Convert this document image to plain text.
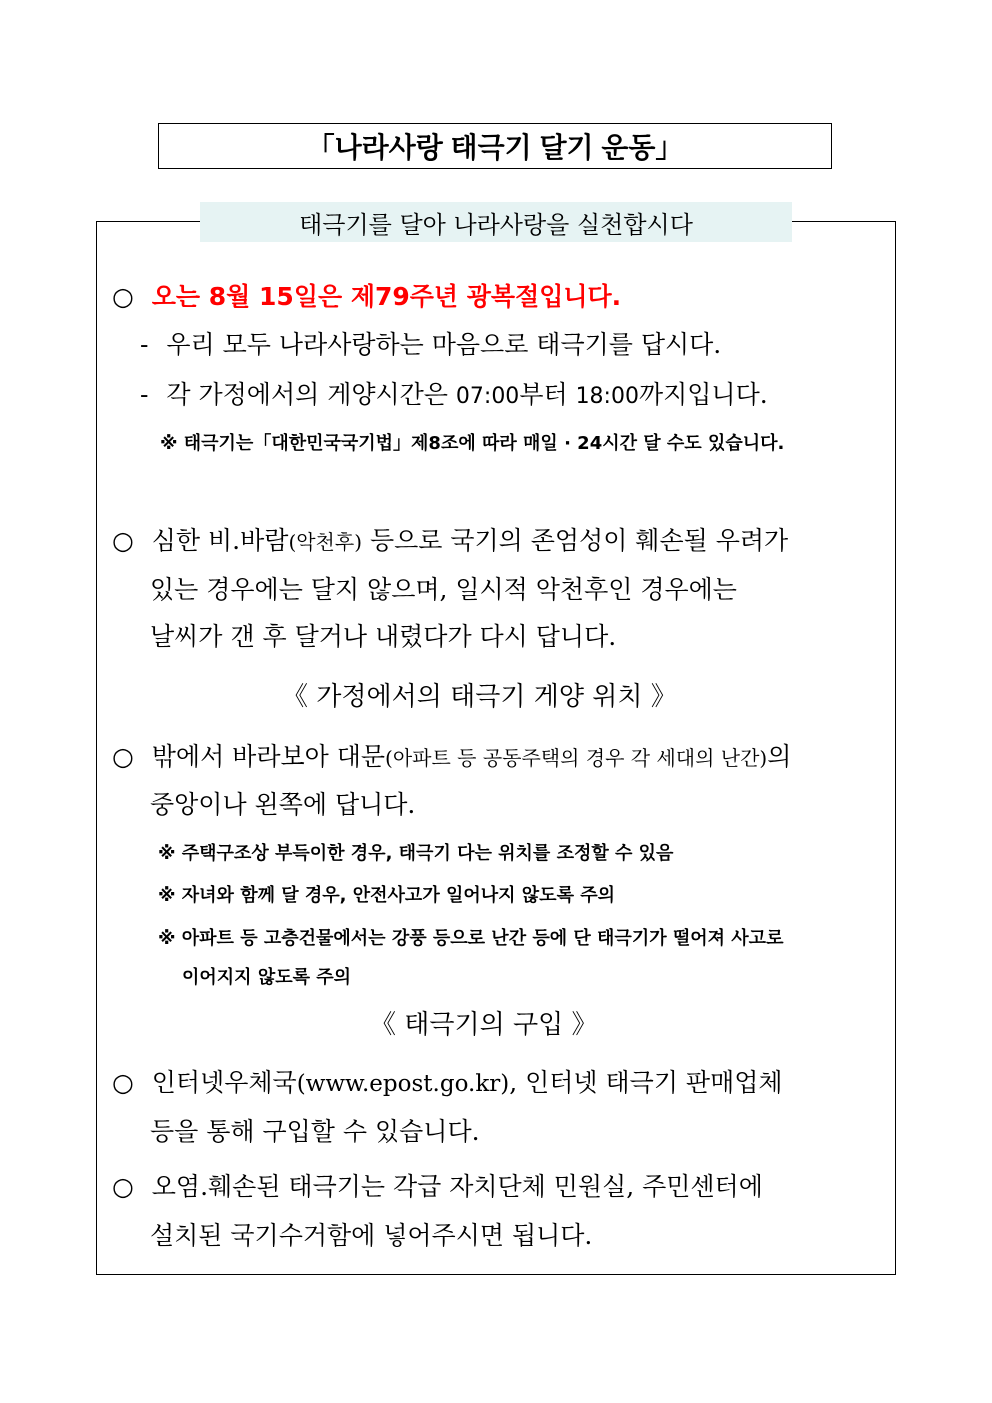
「나라사랑 태극기 달기 운동」
태극기를 달아 나라사랑을 실천합시다
○ 오는 8월 15일은 제79주년 광복절입니다.
- 우리 모두 나라사랑하는 마음으로 태극기를 답시다.
- 각 가정에서의 게양시간은 07:00부터 18:00까지입니다.
※ 태극기는「대한민국국기법」제8조에 따라 매일 · 24시간 달 수도 있습니다.
○ 심한 비.바람(악천후) 등으로 국기의 존엄성이 훼손될 우려가
있는 경우에는 달지 않으며, 일시적 악천후인 경우에는
날씨가 갠 후 달거나 내렸다가 다시 답니다.
《 가정에서의 태극기 게양 위치 》
○ 밖에서 바라보아 대문(아파트 등 공동주택의 경우 각 세대의 난간)의
중앙이나 왼쪽에 답니다.
※ 주택구조상 부득이한 경우, 태극기 다는 위치를 조정할 수 있음
※ 자녀와 함께 달 경우, 안전사고가 일어나지 않도록 주의
※ 아파트 등 고층건물에서는 강풍 등으로 난간 등에 단 태극기가 떨어져 사고로
이어지지 않도록 주의
《 태극기의 구입 》
○ 인터넷우체국(www.epost.go.kr), 인터넷 태극기 판매업체
등을 통해 구입할 수 있습니다.
○ 오염.훼손된 태극기는 각급 자치단체 민원실, 주민센터에
설치된 국기수거함에 넣어주시면 됩니다.
